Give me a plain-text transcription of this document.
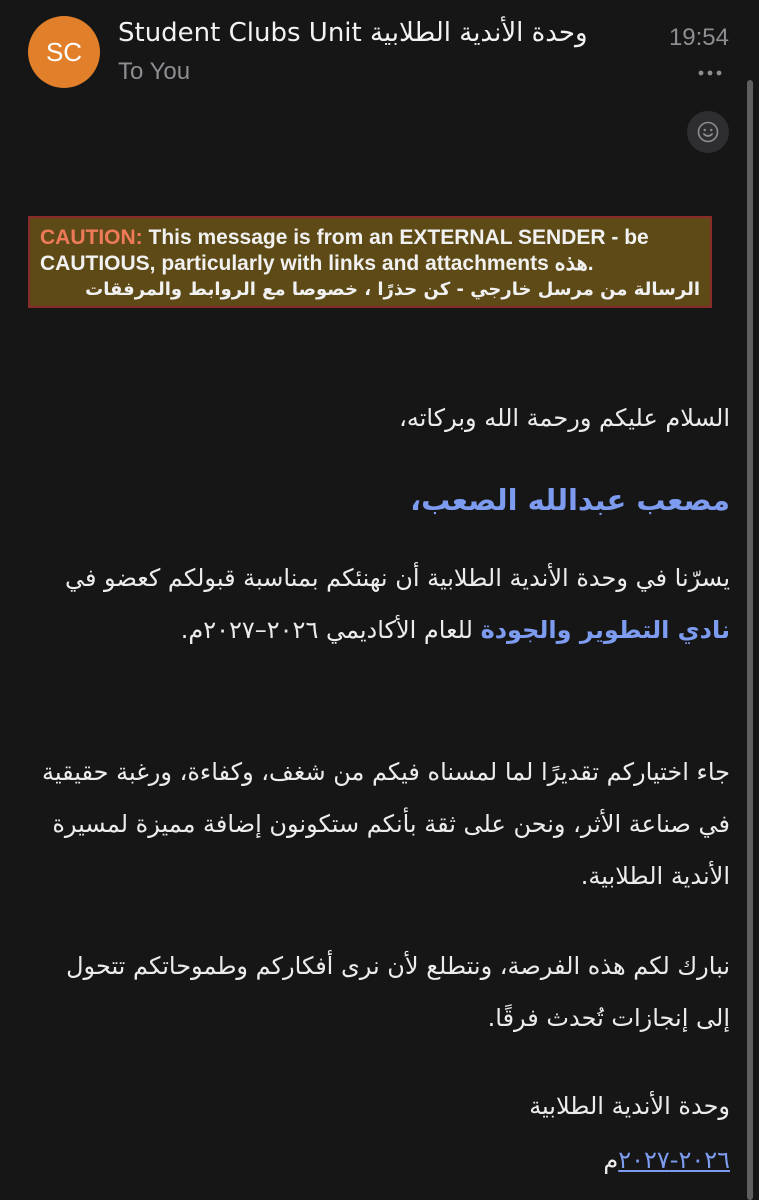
SC
Student Clubs Unit وحدة الأندية الطلابية
To You
19:54
CAUTION: This message is from an EXTERNAL SENDER - be CAUTIOUS, particularly with links and attachments هذه.
الرسالة من مرسل خارجي - كن حذرًا ، خصوصا مع الروابط والمرفقات
السلام عليكم ورحمة الله وبركاته،
مصعب عبدالله الصعب،
يسرّنا في وحدة الأندية الطلابية أن نهنئكم بمناسبة قبولكم كعضو في نادي التطوير والجودة للعام الأكاديمي ٢٠٢٦–٢٠٢٧م.
جاء اختياركم تقديرًا لما لمسناه فيكم من شغف، وكفاءة، ورغبة حقيقية في صناعة الأثر، ونحن على ثقة بأنكم ستكونون إضافة مميزة لمسيرة الأندية الطلابية.
نبارك لكم هذه الفرصة، ونتطلع لأن نرى أفكاركم وطموحاتكم تتحول إلى إنجازات تُحدث فرقًا.
وحدة الأندية الطلابية
٢٠٢٦-٢٠٢٧م
